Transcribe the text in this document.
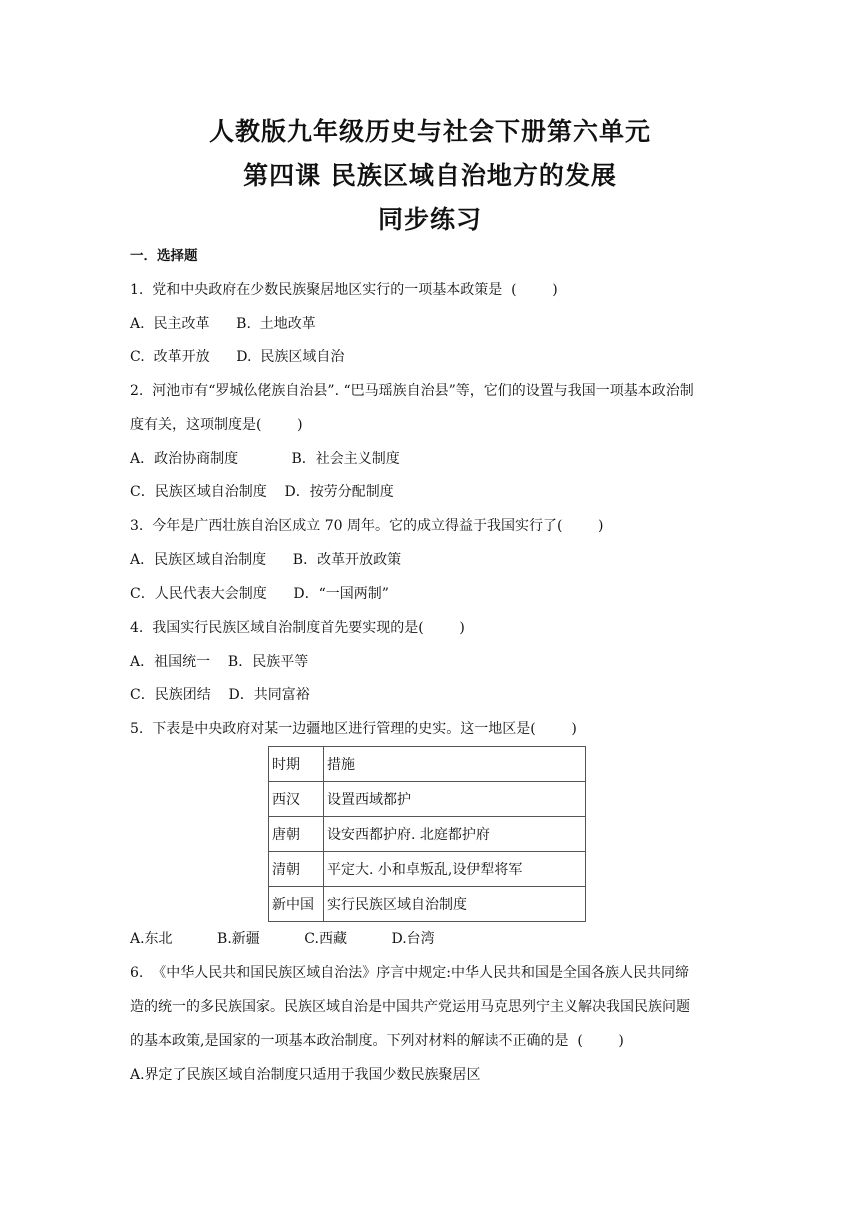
人教版九年级历史与社会下册第六单元
第四课 民族区域自治地方的发展
同步练习
一．选择题
1.  党和中央政府在少数民族聚居地区实行的一项基本政策是  (        )
A.  民主改革      B.  土地改革
C.  改革开放      D.  民族区域自治
2.  河池市有“罗城仫佬族自治县”. “巴马瑶族自治县”等，它们的设置与我国一项基本政治制
度有关，这项制度是(        )
A．政治协商制度            B．社会主义制度
C．民族区域自治制度    D．按劳分配制度
3.  今年是广西壮族自治区成立 70 周年。它的成立得益于我国实行了(        )
A．民族区域自治制度      B．改革开放政策
C．人民代表大会制度      D．“一国两制”
4.  我国实行民族区域自治制度首先要实现的是(        )
A．祖国统一    B．民族平等
C．民族团结    D．共同富裕
5.  下表是中央政府对某一边疆地区进行管理的史实。这一地区是(        )
时期	措施
西汉	设置西域都护
唐朝	设安西都护府. 北庭都护府
清朝	平定大. 小和卓叛乱,设伊犁将军
新中国	实行民族区域自治制度
A.东北          B.新疆          C.西藏          D.台湾
6.  《中华人民共和国民族区域自治法》序言中规定:中华人民共和国是全国各族人民共同缔
造的统一的多民族国家。民族区域自治是中国共产党运用马克思列宁主义解决我国民族问题
的基本政策,是国家的一项基本政治制度。下列对材料的解读不正确的是  (        )
A.界定了民族区域自治制度只适用于我国少数民族聚居区
